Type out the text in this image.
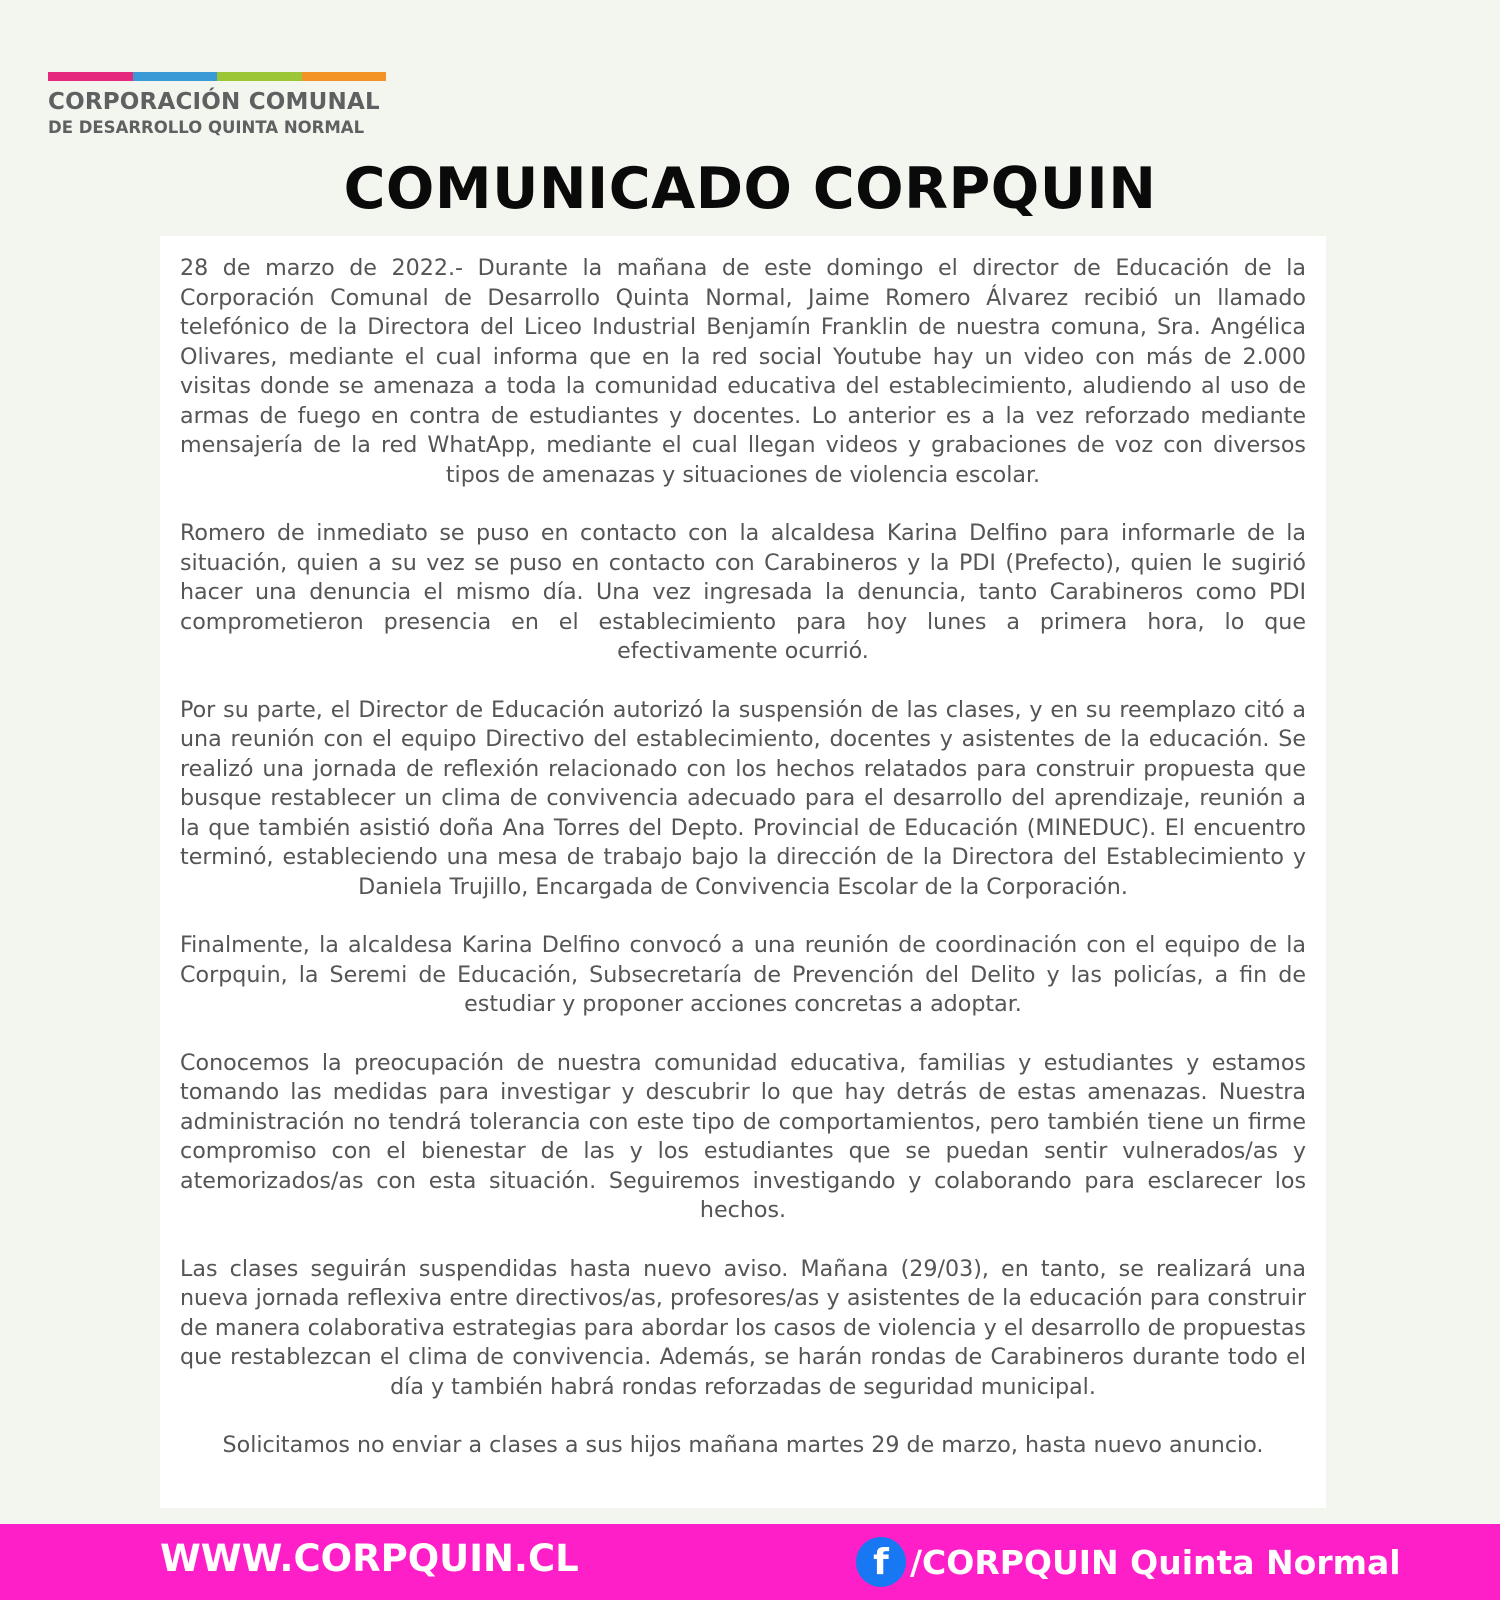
CORPORACIÓN COMUNAL
DE DESARROLLO QUINTA NORMAL
COMUNICADO CORPQUIN

28 de marzo de 2022.- Durante la mañana de este domingo el director de Educación de la Corporación Comunal de Desarrollo Quinta Normal, Jaime Romero Álvarez recibió un llamado telefónico de la Directora del Liceo Industrial Benjamín Franklin de nuestra comuna, Sra. Angélica Olivares, mediante el cual informa que en la red social Youtube hay un video con más de 2.000 visitas donde se amenaza a toda la comunidad educativa del establecimiento, aludiendo al uso de armas de fuego en contra de estudiantes y docentes. Lo anterior es a la vez reforzado mediante mensajería de la red WhatApp, mediante el cual llegan videos y grabaciones de voz con diversos tipos de amenazas y situaciones de violencia escolar.

Romero de inmediato se puso en contacto con la alcaldesa Karina Delfino para informarle de la situación, quien a su vez se puso en contacto con Carabineros y la PDI (Prefecto), quien le sugirió hacer una denuncia el mismo día. Una vez ingresada la denuncia, tanto Carabineros como PDI comprometieron presencia en el establecimiento para hoy lunes a primera hora, lo que efectivamente ocurrió.

Por su parte, el Director de Educación autorizó la suspensión de las clases, y en su reemplazo citó a una reunión con el equipo Directivo del establecimiento, docentes y asistentes de la educación. Se realizó una jornada de reflexión relacionado con los hechos relatados para construir propuesta que busque restablecer un clima de convivencia adecuado para el desarrollo del aprendizaje, reunión a la que también asistió doña Ana Torres del Depto. Provincial de Educación (MINEDUC). El encuentro terminó, estableciendo una mesa de trabajo bajo la dirección de la Directora del Establecimiento y Daniela Trujillo, Encargada de Convivencia Escolar de la Corporación.

Finalmente, la alcaldesa Karina Delfino convocó a una reunión de coordinación con el equipo de la Corpquin, la Seremi de Educación, Subsecretaría de Prevención del Delito y las policías, a fin de estudiar y proponer acciones concretas a adoptar.

Conocemos la preocupación de nuestra comunidad educativa, familias y estudiantes y estamos tomando las medidas para investigar y descubrir lo que hay detrás de estas amenazas. Nuestra administración no tendrá tolerancia con este tipo de comportamientos, pero también tiene un firme compromiso con el bienestar de las y los estudiantes que se puedan sentir vulnerados/as y atemorizados/as con esta situación. Seguiremos investigando y colaborando para esclarecer los hechos.

Las clases seguirán suspendidas hasta nuevo aviso. Mañana (29/03), en tanto, se realizará una nueva jornada reflexiva entre directivos/as, profesores/as y asistentes de la educación para construir de manera colaborativa estrategias para abordar los casos de violencia y el desarrollo de propuestas que restablezcan el clima de convivencia. Además, se harán rondas de Carabineros durante todo el día y también habrá rondas reforzadas de seguridad municipal.

Solicitamos no enviar a clases a sus hijos mañana martes 29 de marzo, hasta nuevo anuncio.

WWW.CORPQUIN.CL	f /CORPQUIN Quinta Normal
